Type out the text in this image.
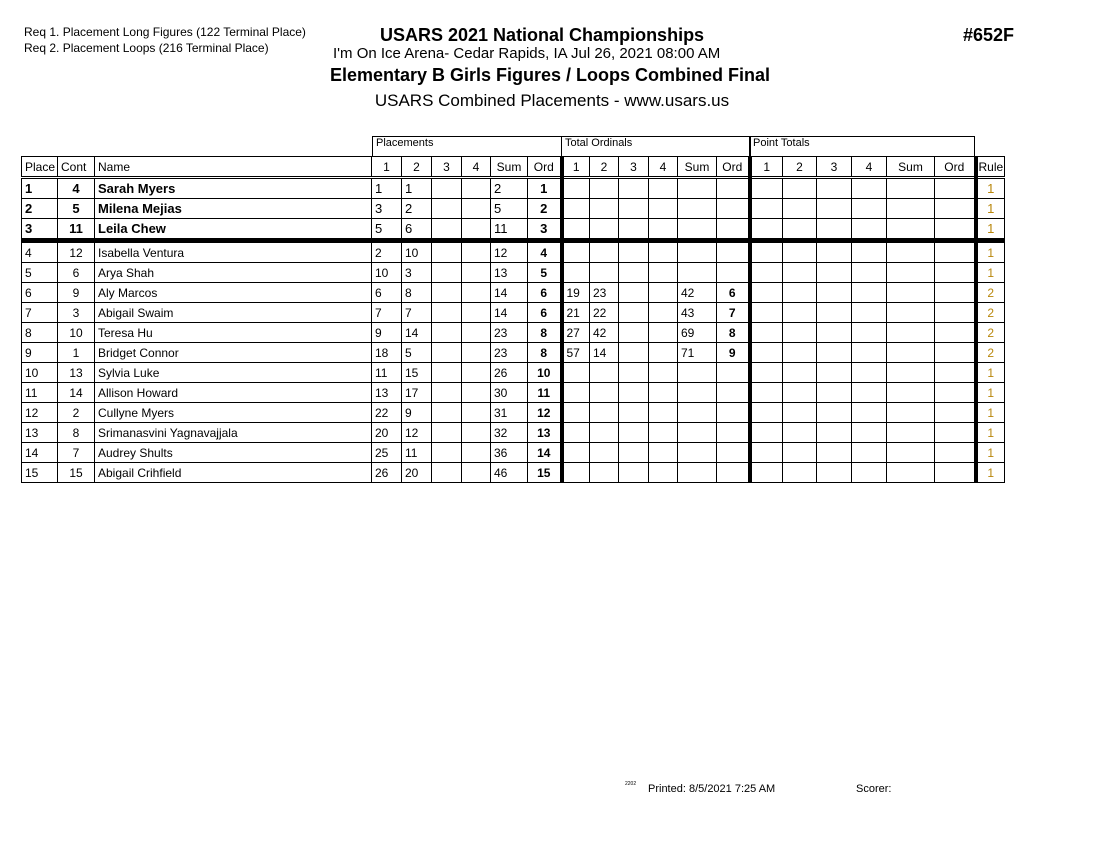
Req 1. Placement Long Figures (122 Terminal Place)
Req 2. Placement Loops (216 Terminal Place)
USARS 2021 National Championships	#652F
I'm On Ice Arena- Cedar Rapids, IA Jul 26, 2021 08:00 AM
Elementary B Girls Figures / Loops Combined Final
USARS Combined Placements - www.usars.us
Placements	Total Ordinals	Point Totals
Place	Cont	Name	1	2	3	4	Sum	Ord	1	2	3	4	Sum	Ord	1	2	3	4	Sum	Ord	Rule
1	4	Sarah Myers	1	1			2	1													1
2	5	Milena Mejias	3	2			5	2													1
3	11	Leila Chew	5	6			11	3													1
4	12	Isabella Ventura	2	10			12	4													1
5	6	Arya Shah	10	3			13	5													1
6	9	Aly Marcos	6	8			14	6	19	23			42	6							2
7	3	Abigail Swaim	7	7			14	6	21	22			43	7							2
8	10	Teresa Hu	9	14			23	8	27	42			69	8							2
9	1	Bridget Connor	18	5			23	8	57	14			71	9							2
10	13	Sylvia Luke	11	15			26	10													1
11	14	Allison Howard	13	17			30	11													1
12	2	Cullyne Myers	22	9			31	12													1
13	8	Srimanasvini Yagnavajjala	20	12			32	13													1
14	7	Audrey Shults	25	11			36	14													1
15	15	Abigail Crihfield	26	20			46	15													1
2202 Printed: 8/5/2021 7:25 AM	Scorer:
